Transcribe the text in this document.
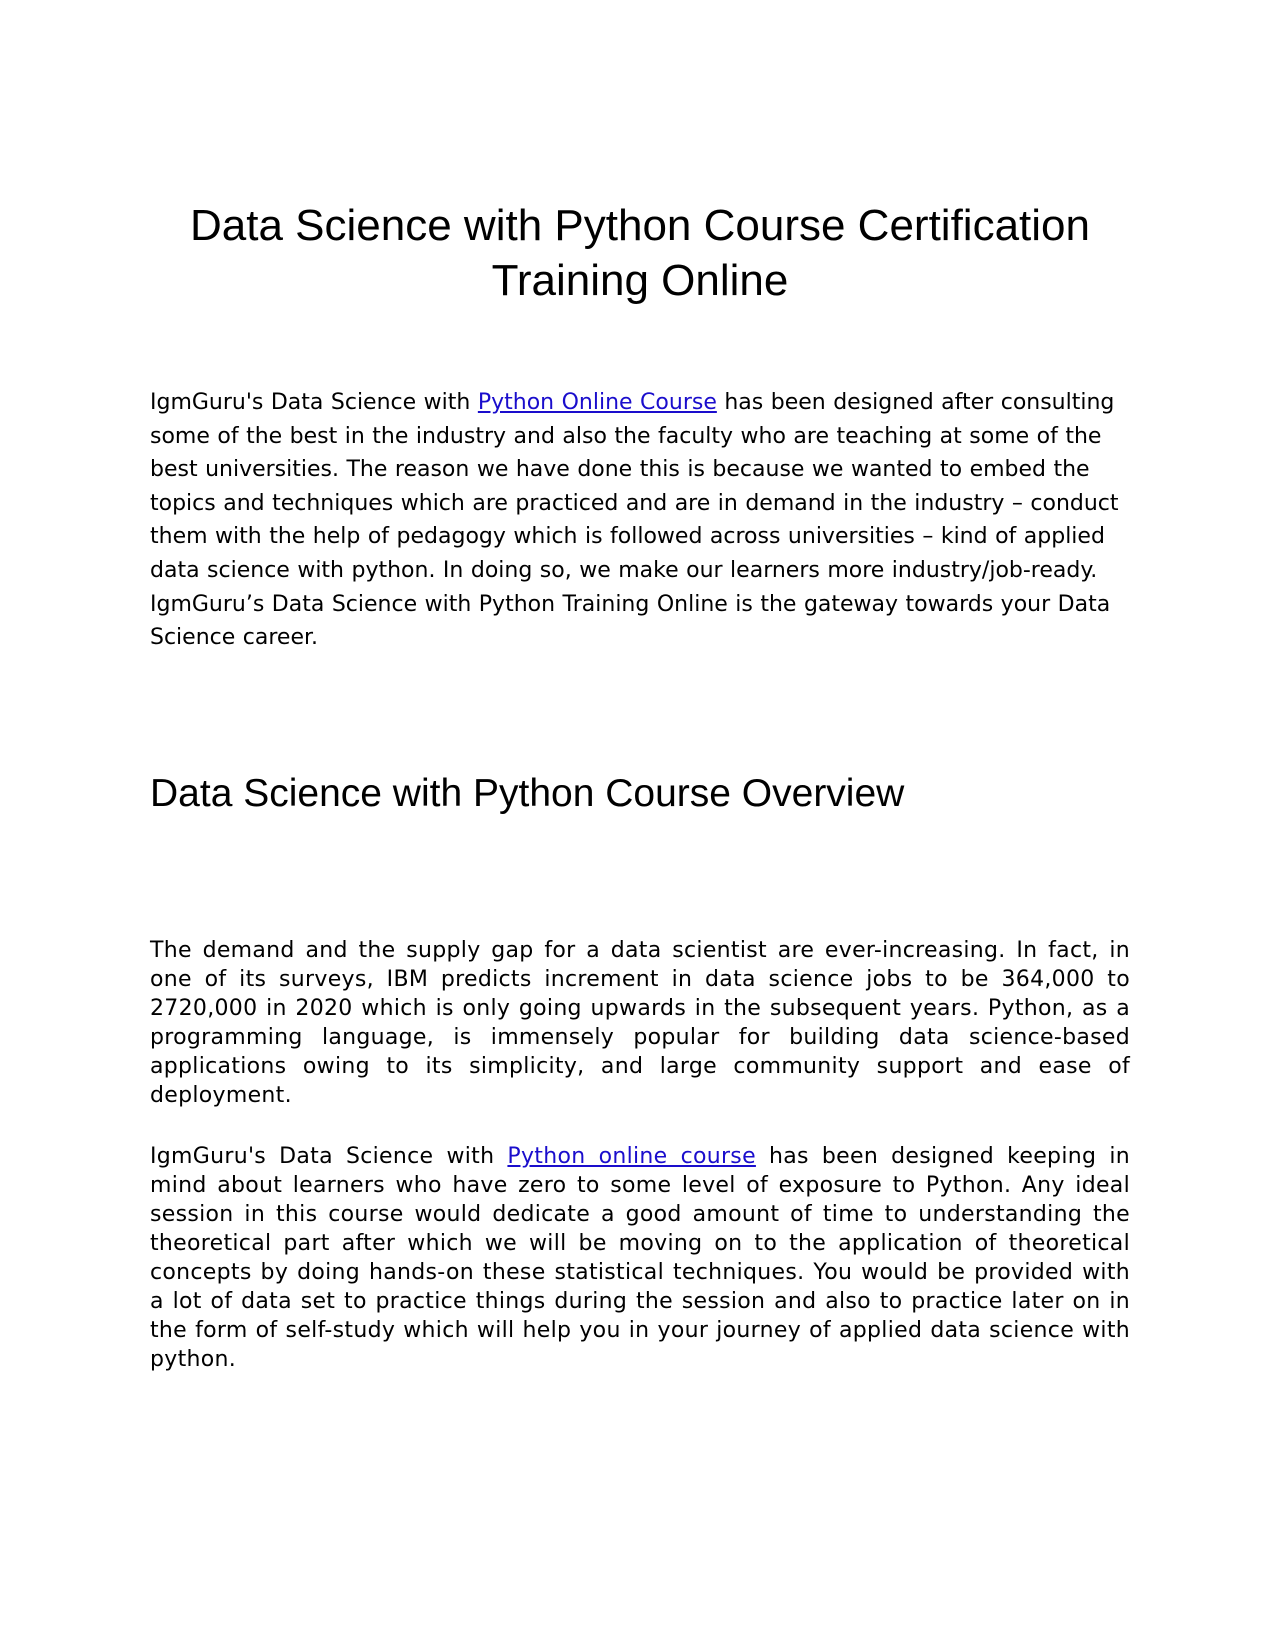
Data Science with Python Course Certification Training Online

IgmGuru's Data Science with Python Online Course has been designed after consulting some of the best in the industry and also the faculty who are teaching at some of the best universities. The reason we have done this is because we wanted to embed the topics and techniques which are practiced and are in demand in the industry – conduct them with the help of pedagogy which is followed across universities – kind of applied data science with python. In doing so, we make our learners more industry/job-ready. IgmGuru’s Data Science with Python Training Online is the gateway towards your Data Science career.

Data Science with Python Course Overview

The demand and the supply gap for a data scientist are ever-increasing. In fact, in one of its surveys, IBM predicts increment in data science jobs to be 364,000 to 2720,000 in 2020 which is only going upwards in the subsequent years. Python, as a programming language, is immensely popular for building data science-based applications owing to its simplicity, and large community support and ease of deployment.

IgmGuru's Data Science with Python online course has been designed keeping in mind about learners who have zero to some level of exposure to Python. Any ideal session in this course would dedicate a good amount of time to understanding the theoretical part after which we will be moving on to the application of theoretical concepts by doing hands-on these statistical techniques. You would be provided with a lot of data set to practice things during the session and also to practice later on in the form of self-study which will help you in your journey of applied data science with python.
